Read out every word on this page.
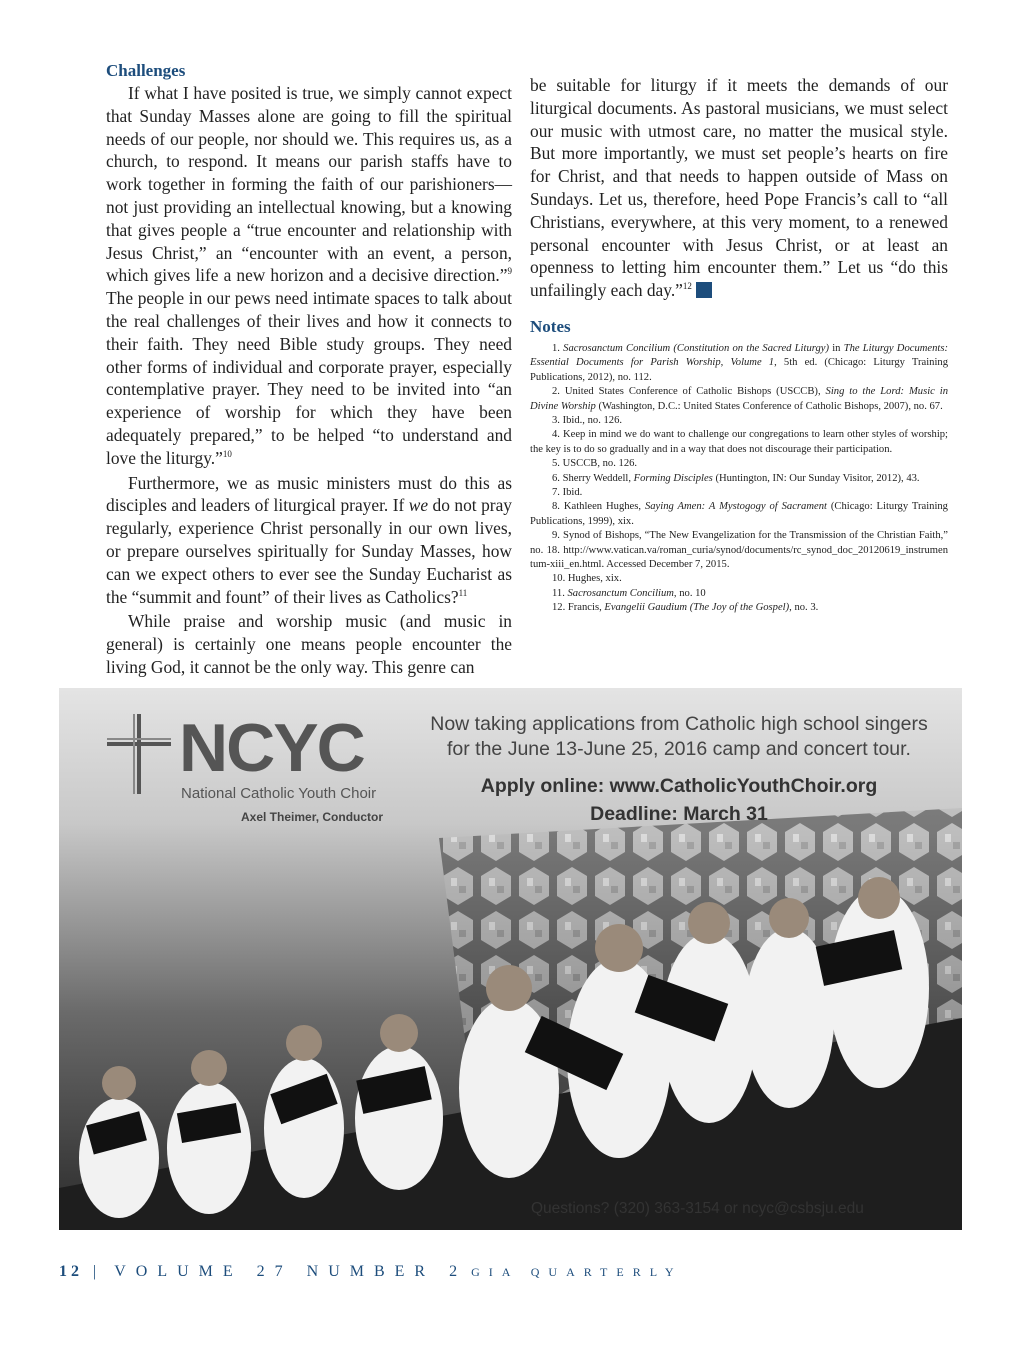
Challenges

If what I have posited is true, we simply cannot expect that Sunday Masses alone are going to fill the spiritual needs of our people, nor should we. This requires us, as a church, to respond. It means our parish staffs have to work together in forming the faith of our parishioners—not just providing an intellectual knowing, but a knowing that gives people a “true encounter and relationship with Jesus Christ,” an “encounter with an event, a person, which gives life a new horizon and a decisive direction.”$^9$ The people in our pews need intimate spaces to talk about the real challenges of their lives and how it connects to their faith. They need Bible study groups. They need other forms of individual and corporate prayer, especially contemplative prayer. They need to be invited into “an experience of worship for which they have been adequately prepared,” to be helped “to understand and love the liturgy.”$^{10}$

Furthermore, we as music ministers must do this as disciples and leaders of liturgical prayer. If we do not pray regularly, experience Christ personally in our own lives, or prepare ourselves spiritually for Sunday Masses, how can we expect others to ever see the Sunday Eucharist as the “summit and fount” of their lives as Catholics?$^{11}$

While praise and worship music (and music in general) is certainly one means people encounter the living God, it cannot be the only way. This genre can

be suitable for liturgy if it meets the demands of our liturgical documents. As pastoral musicians, we must select our music with utmost care, no matter the musical style. But more importantly, we must set people’s hearts on fire for Christ, and that needs to happen outside of Mass on Sundays. Let us, therefore, heed Pope Francis’s call to “all Christians, everywhere, at this very moment, to a renewed personal encounter with Jesus Christ, or at least an openness to letting him encounter them.” Let us “do this unfailingly each day.”$^{12}$

Notes

1. Sacrosanctum Concilium (Constitution on the Sacred Liturgy) in The Liturgy Documents: Essential Documents for Parish Worship, Volume 1, 5th ed. (Chicago: Liturgy Training Publications, 2012), no. 112.

2. United States Conference of Catholic Bishops (USCCB), Sing to the Lord: Music in Divine Worship (Washington, D.C.: United States Conference of Catholic Bishops, 2007), no. 67.

3. Ibid., no. 126.

4. Keep in mind we do want to challenge our congregations to learn other styles of worship; the key is to do so gradually and in a way that does not discourage their participation.

5. USCCB, no. 126.

6. Sherry Weddell, Forming Disciples (Huntington, IN: Our Sunday Visitor, 2012), 43.

7. Ibid.

8. Kathleen Hughes, Saying Amen: A Mystogogy of Sacrament (Chicago: Liturgy Training Publications, 1999), xix.

9. Synod of Bishops, “The New Evangelization for the Transmission of the Christian Faith,” no. 18. http://www.vatican.va/roman_curia/synod/documents/rc_synod_doc_20120619_instrumentum-xiii_en.html. Accessed December 7, 2015.

10. Hughes, xix.

11. Sacrosanctum Concilium, no. 10

12. Francis, Evangelii Gaudium (The Joy of the Gospel), no. 3.

NCYC
National Catholic Youth Choir
Axel Theimer, Conductor
Now taking applications from Catholic high school singers
for the June 13-June 25, 2016 camp and concert tour.
Apply online: www.CatholicYouthChoir.org
Deadline: March 31
Questions? (320) 363-3154 or ncyc@csbsju.edu
12 | VOLUME 27 NUMBER 2 GIA QUARTERLY
